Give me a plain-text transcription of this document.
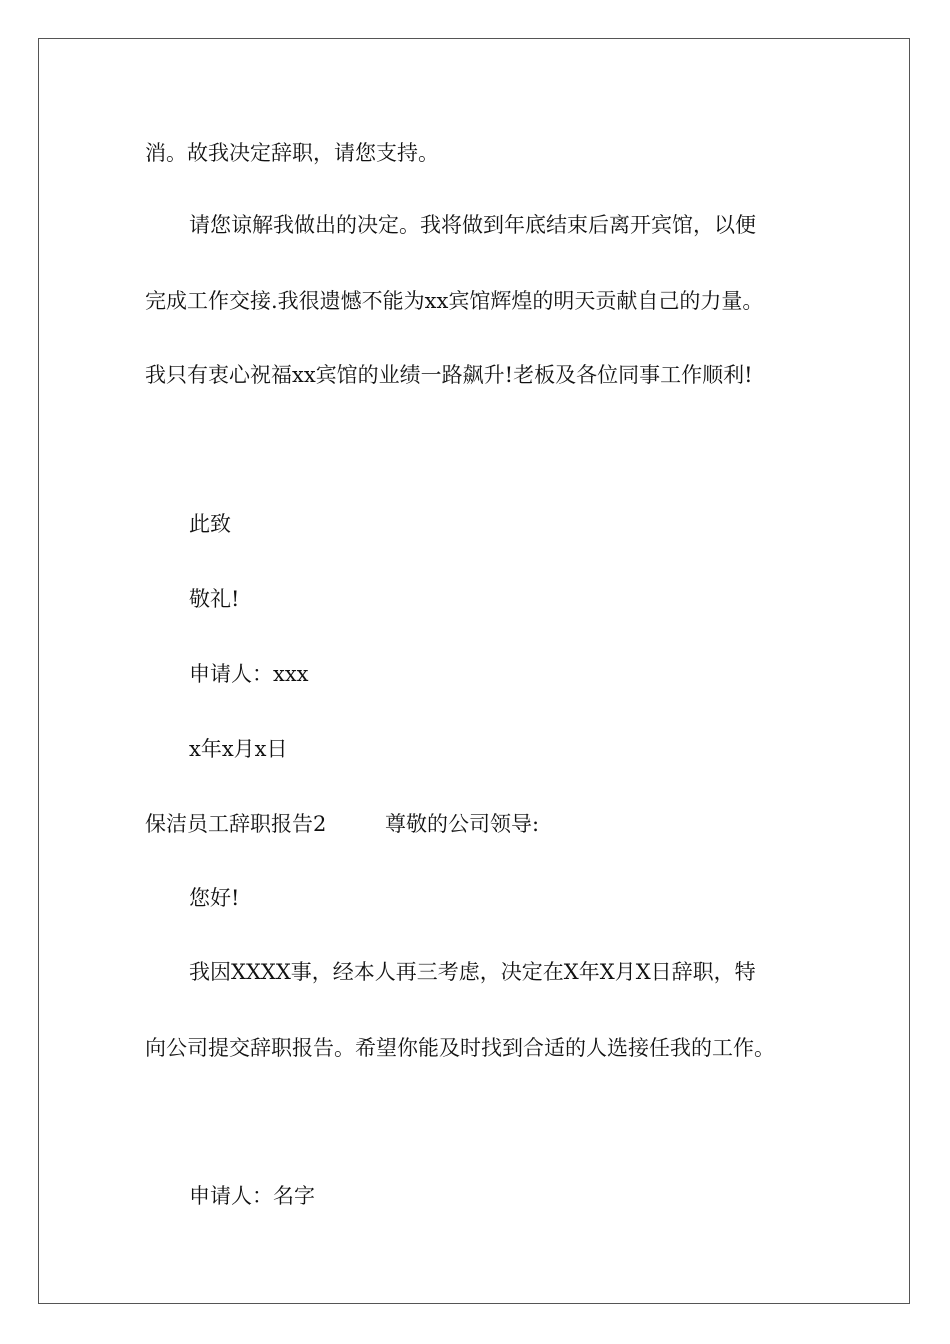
消。故我决定辞职，请您支持。
请您谅解我做出的决定。我将做到年底结束后离开宾馆，以便
完成工作交接.我很遗憾不能为xx宾馆辉煌的明天贡献自己的力量。
我只有衷心祝福xx宾馆的业绩一路飙升!老板及各位同事工作顺利!
此致
敬礼!
申请人：xxx
x年x月x日
保洁员工辞职报告2	尊敬的公司领导:
您好!
我因XXXX事，经本人再三考虑，决定在X年X月X日辞职，特
向公司提交辞职报告。希望你能及时找到合适的人选接任我的工作。
申请人：名字
